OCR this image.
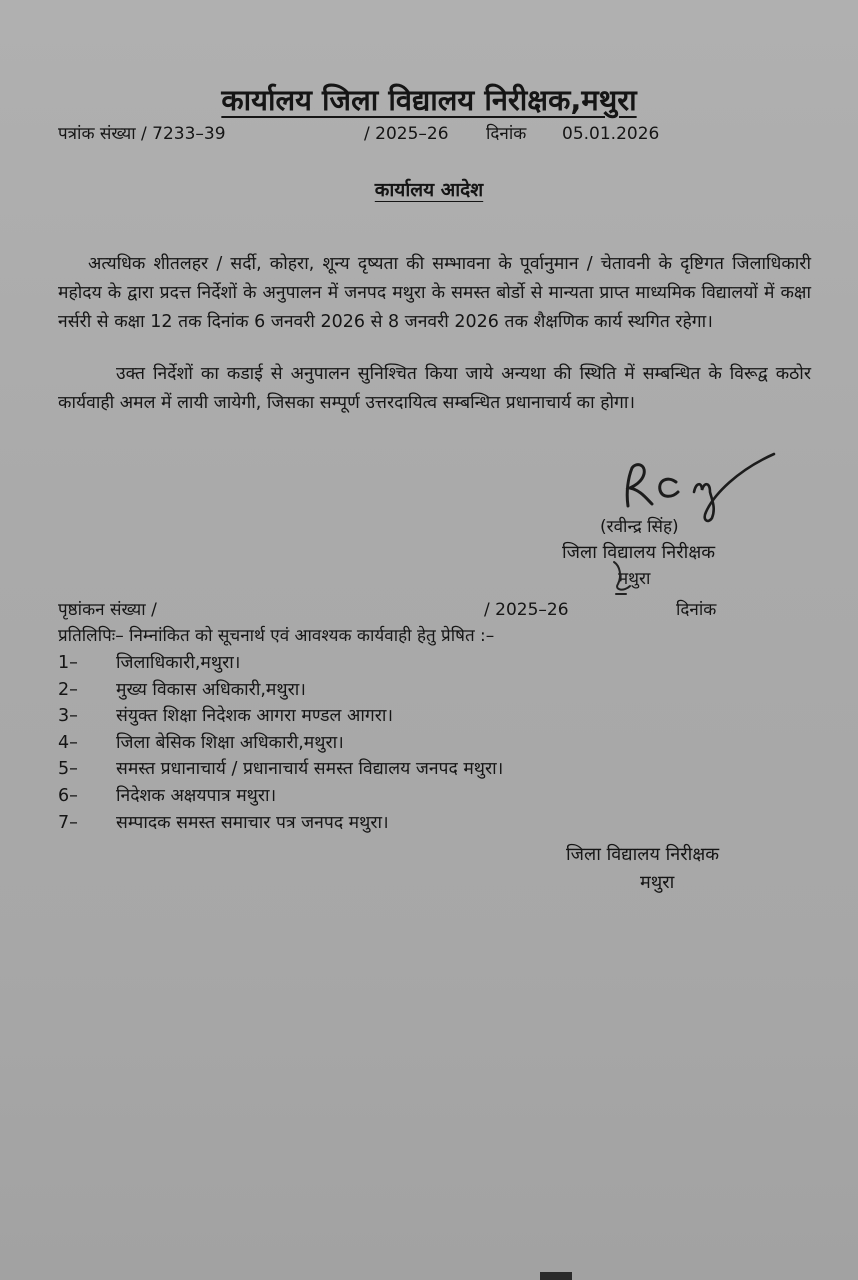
कार्यालय जिला विद्यालय निरीक्षक,मथुरा
पत्रांक संख्या / 7233–39	/ 2025–26 दिनांक 05.01.2026
कार्यालय आदेश

अत्यधिक शीतलहर / सर्दी, कोहरा, शून्य दृष्यता की सम्भावना के पूर्वानुमान / चेतावनी के दृष्टिगत जिलाधिकारी महोदय के द्वारा प्रदत्त निर्देशों के अनुपालन में जनपद मथुरा के समस्त बोर्डो से मान्यता प्राप्त माध्यमिक विद्यालयों में कक्षा नर्सरी से कक्षा 12 तक दिनांक 6 जनवरी 2026 से 8 जनवरी 2026 तक शैक्षणिक कार्य स्थगित रहेगा।

उक्त निर्देशों का कडाई से अनुपालन सुनिश्चित किया जाये अन्यथा की स्थिति में सम्बन्धित के विरूद्व कठोर कार्यवाही अमल में लायी जायेगी, जिसका सम्पूर्ण उत्तरदायित्व सम्बन्धित प्रधानाचार्य का होगा।

(रवीन्द्र सिंह)
जिला विद्यालय निरीक्षक
मथुरा
पृष्ठांकन संख्या /	/ 2025–26	दिनांक
प्रतिलिपिः– निम्नांकित को सूचनार्थ एवं आवश्यक कार्यवाही हेतु प्रेषित :–
1–	जिलाधिकारी,मथुरा।
2–	मुख्य विकास अधिकारी,मथुरा।
3–	संयुक्त शिक्षा निदेशक आगरा मण्डल आगरा।
4–	जिला बेसिक शिक्षा अधिकारी,मथुरा।
5–	समस्त प्रधानाचार्य / प्रधानाचार्य समस्त विद्यालय जनपद मथुरा।
6–	निदेशक अक्षयपात्र मथुरा।
7–	सम्पादक समस्त समाचार पत्र जनपद मथुरा।
जिला विद्यालय निरीक्षक
मथुरा
